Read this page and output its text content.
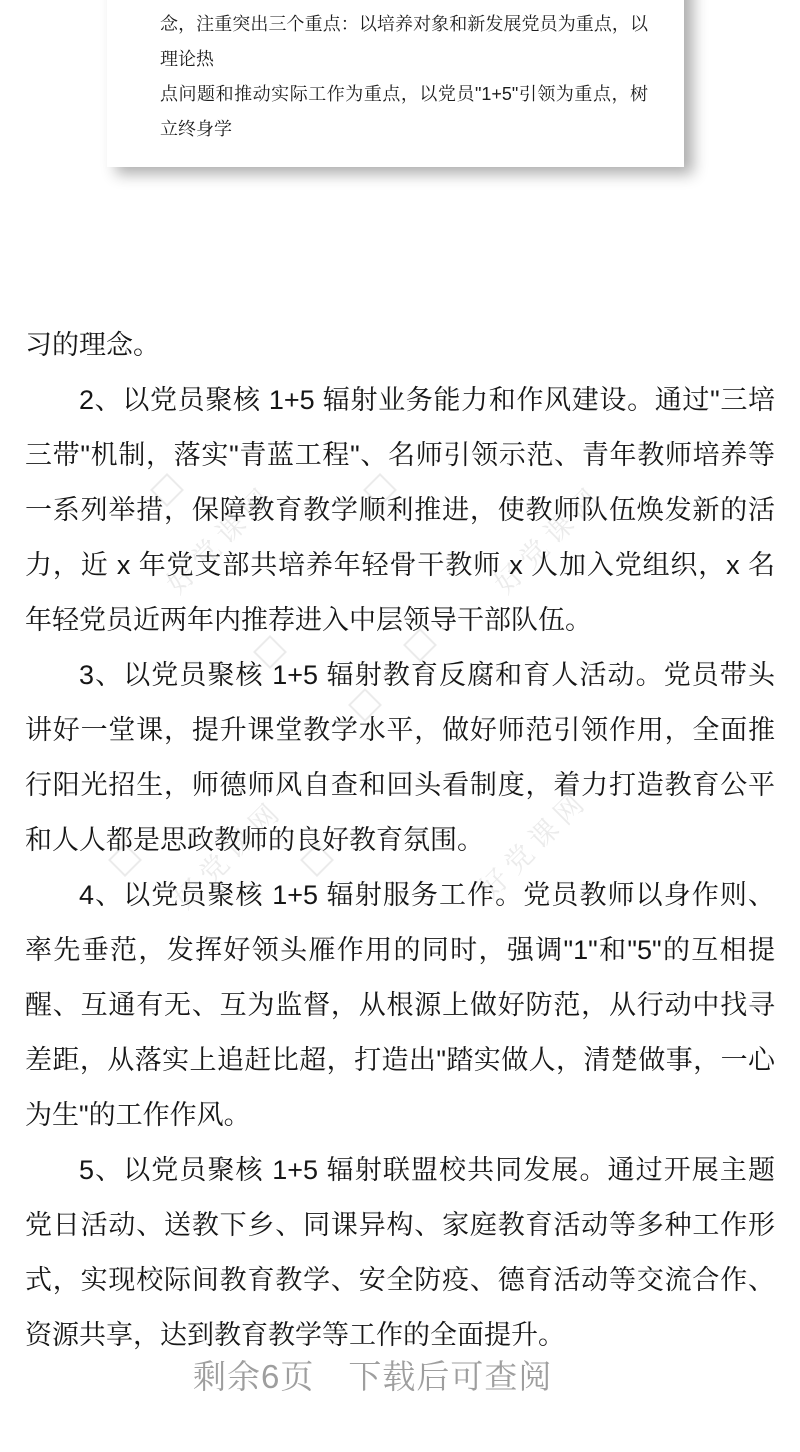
好党课网	好党课网
好党课网	好党课网
念，注重突出三个重点：以培养对象和新发展党员为重点，以理论热
点问题和推动实际工作为重点，以党员"1+5"引领为重点，树立终身学

习的理念。

2、以党员聚核 1+5 辐射业务能力和作风建设。通过"三培三带"机制，落实"青蓝工程"、名师引领示范、青年教师培养等一系列举措，保障教育教学顺利推进，使教师队伍焕发新的活力，近 x 年党支部共培养年轻骨干教师 x 人加入党组织，x 名年轻党员近两年内推荐进入中层领导干部队伍。

3、以党员聚核 1+5 辐射教育反腐和育人活动。党员带头讲好一堂课，提升课堂教学水平，做好师范引领作用，全面推行阳光招生，师德师风自查和回头看制度，着力打造教育公平和人人都是思政教师的良好教育氛围。

4、以党员聚核 1+5 辐射服务工作。党员教师以身作则、率先垂范，发挥好领头雁作用的同时，强调"1"和"5"的互相提醒、互通有无、互为监督，从根源上做好防范，从行动中找寻差距，从落实上追赶比超，打造出"踏实做人，清楚做事，一心为生"的工作作风。

5、以党员聚核 1+5 辐射联盟校共同发展。通过开展主题党日活动、送教下乡、同课异构、家庭教育活动等多种工作形式，实现校际间教育教学、安全防疫、德育活动等交流合作、资源共享，达到教育教学等工作的全面提升。

剩余6页　下载后可查阅
